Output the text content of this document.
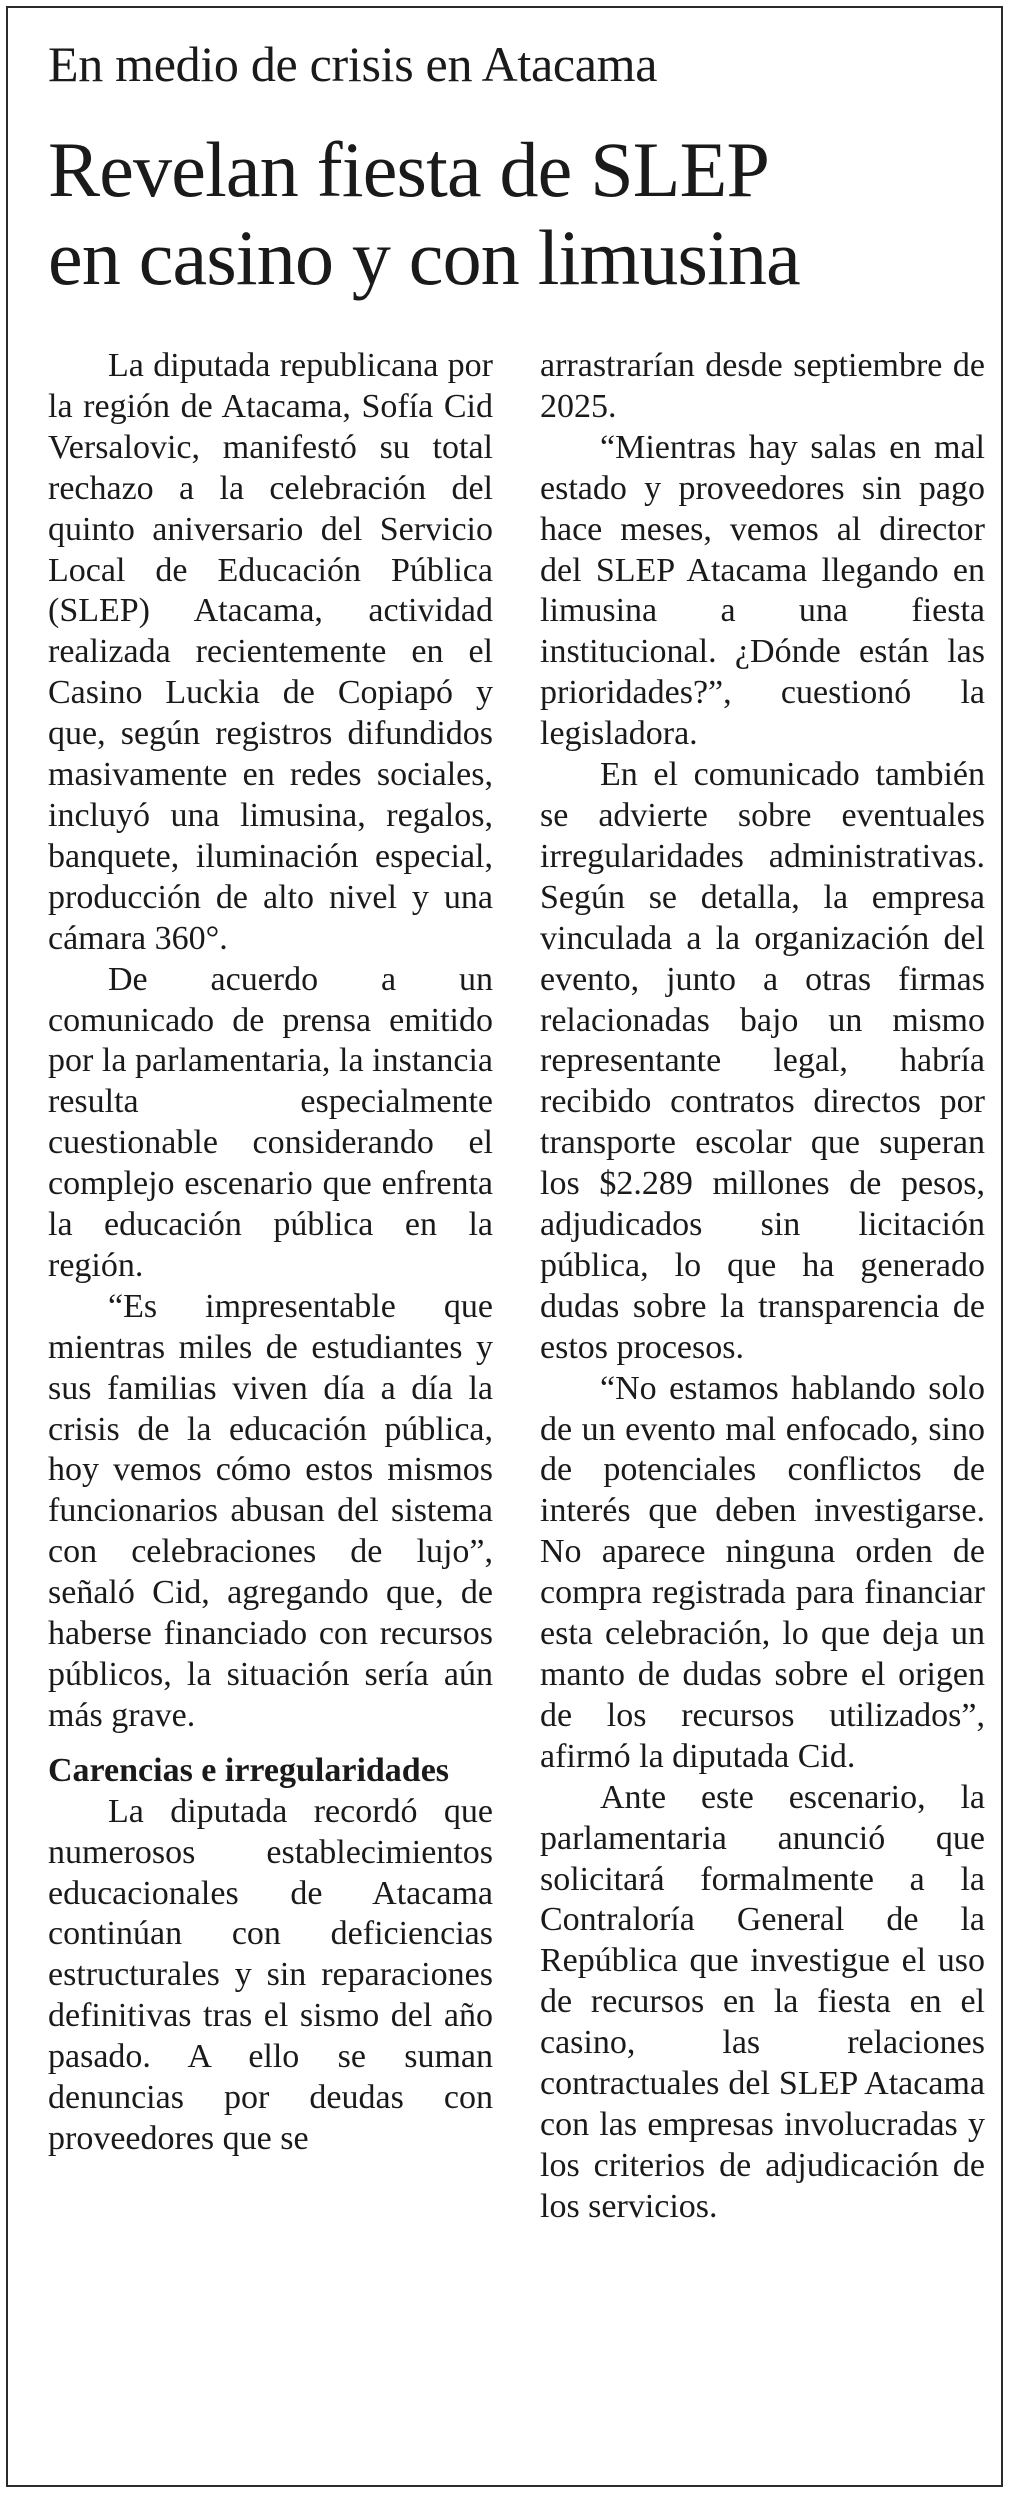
En medio de crisis en Atacama
Revelan fiesta de SLEP
en casino y con limusina

La diputada republicana por la región de Atacama, Sofía Cid Versalovic, manifestó su total rechazo a la celebración del quinto aniversario del Servicio Local de Educación Pública (SLEP) Atacama, actividad realizada recientemente en el Casino Luckia de Copiapó y que, según registros difundidos masivamente en redes sociales, incluyó una limusina, regalos, banquete, iluminación especial, producción de alto nivel y una cámara 360°.

De acuerdo a un comunicado de prensa emitido por la parlamentaria, la instancia resulta especialmente cuestionable considerando el complejo escenario que enfrenta la educación pública en la región.

“Es impresentable que mientras miles de estudiantes y sus familias viven día a día la crisis de la educación pública, hoy vemos cómo estos mismos funcionarios abusan del sistema con celebraciones de lujo”, señaló Cid, agregando que, de haberse financiado con recursos públicos, la situación sería aún más grave.

Carencias e irregularidades

La diputada recordó que numerosos establecimientos educacionales de Atacama continúan con deficiencias estructurales y sin reparaciones definitivas tras el sismo del año pasado. A ello se suman denuncias por deudas con proveedores que se

arrastrarían desde septiembre de 2025.

“Mientras hay salas en mal estado y proveedores sin pago hace meses, vemos al director del SLEP Atacama llegando en limusina a una fiesta institucional. ¿Dónde están las prioridades?”, cuestionó la legisladora.

En el comunicado también se advierte sobre eventuales irregularidades administrativas. Según se detalla, la empresa vinculada a la organización del evento, junto a otras firmas relacionadas bajo un mismo representante legal, habría recibido contratos directos por transporte escolar que superan los $2.289 millones de pesos, adjudicados sin licitación pública, lo que ha generado dudas sobre la transparencia de estos procesos.

“No estamos hablando solo de un evento mal enfocado, sino de potenciales conflictos de interés que deben investigarse. No aparece ninguna orden de compra registrada para financiar esta celebración, lo que deja un manto de dudas sobre el origen de los recursos utilizados”, afirmó la diputada Cid.

Ante este escenario, la parlamentaria anunció que solicitará formalmente a la Contraloría General de la República que investigue el uso de recursos en la fiesta en el casino, las relaciones contractuales del SLEP Atacama con las empresas involucradas y los criterios de adjudicación de los servicios.
